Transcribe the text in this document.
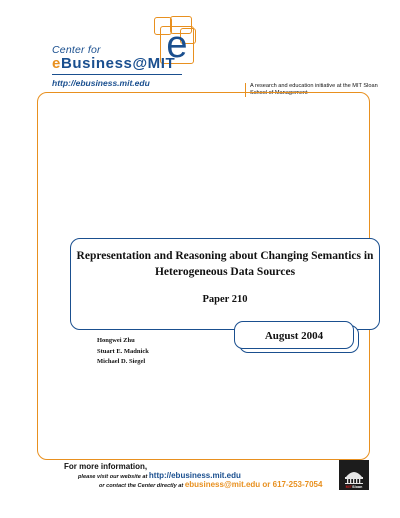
e
Center for
eBusiness@MIT
http://ebusiness.mit.edu	A research and education initiative at the MIT Sloan School of Management
Representation and Reasoning about Changing Semantics in Heterogeneous Data Sources
Paper 210
August 2004
Hongwei Zhu
Stuart E. Madnick
Michael D. Siegel
For more information,
please visit our website at http://ebusiness.mit.edu
or contact the Center directly at ebusiness@mit.edu or 617-253-7054	MITSloan
